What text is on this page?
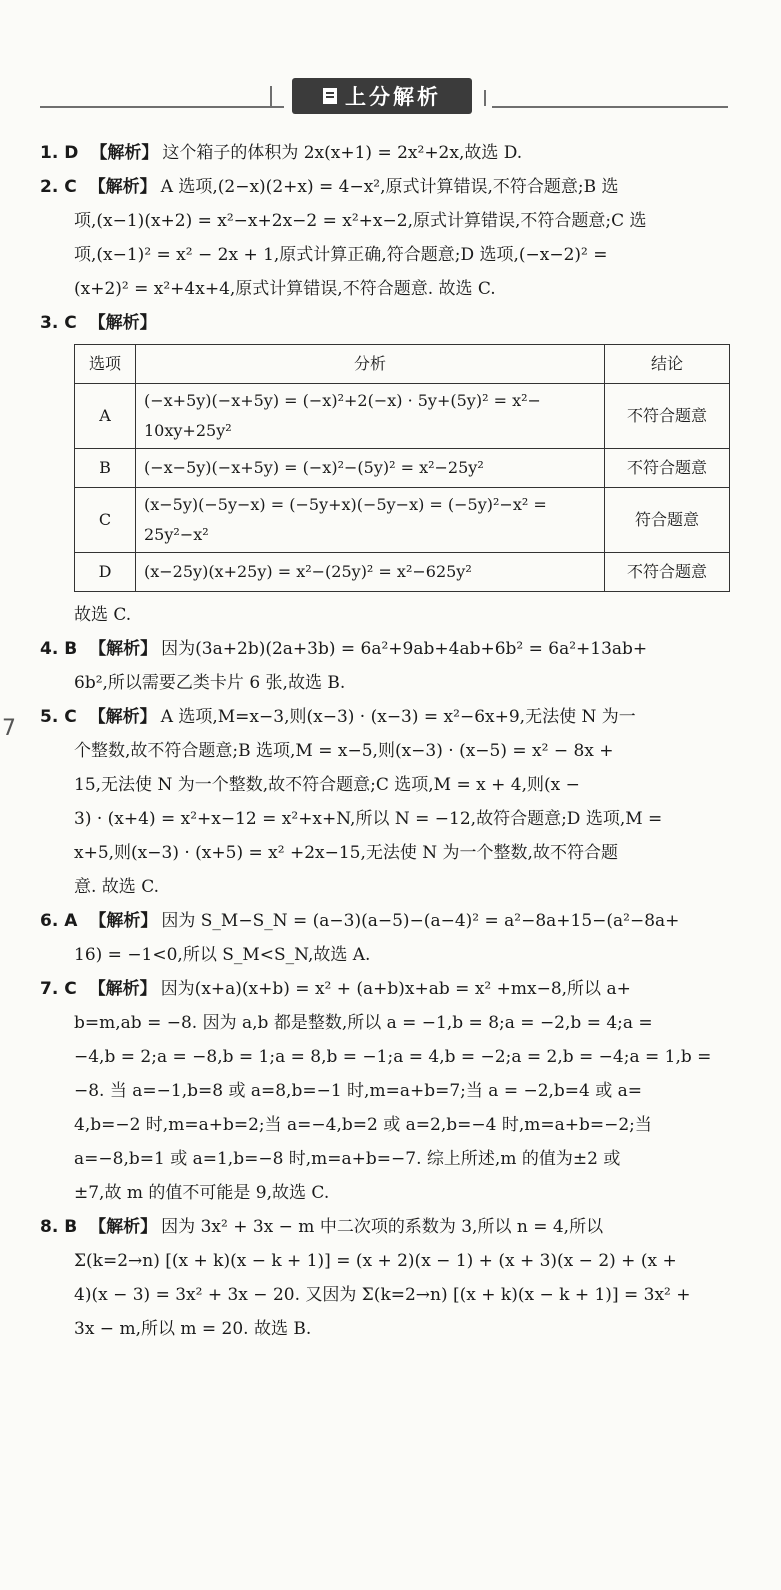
上分解析
7

1. D 【解析】 这个箱子的体积为 2x(x+1) = 2x²+2x,故选 D.

2. C 【解析】 A 选项,(2−x)(2+x) = 4−x²,原式计算错误,不符合题意;B 选

项,(x−1)(x+2) = x²−x+2x−2 = x²+x−2,原式计算错误,不符合题意;C 选

项,(x−1)² = x² − 2x + 1,原式计算正确,符合题意;D 选项,(−x−2)² =

(x+2)² = x²+4x+4,原式计算错误,不符合题意. 故选 C.

3. C 【解析】

选项	分析	结论
A	(−x+5y)(−x+5y) = (−x)²+2(−x) · 5y+(5y)² = x²−
10xy+25y²	不符合题意
B	(−x−5y)(−x+5y) = (−x)²−(5y)² = x²−25y²	不符合题意
C	(x−5y)(−5y−x) = (−5y+x)(−5y−x) = (−5y)²−x² =
25y²−x²	符合题意
D	(x−25y)(x+25y) = x²−(25y)² = x²−625y²	不符合题意

故选 C.

4. B 【解析】 因为(3a+2b)(2a+3b) = 6a²+9ab+4ab+6b² = 6a²+13ab+

6b²,所以需要乙类卡片 6 张,故选 B.

5. C 【解析】 A 选项,M=x−3,则(x−3) · (x−3) = x²−6x+9,无法使 N 为一

个整数,故不符合题意;B 选项,M = x−5,则(x−3) · (x−5) = x² − 8x +

15,无法使 N 为一个整数,故不符合题意;C 选项,M = x + 4,则(x −

3) · (x+4) = x²+x−12 = x²+x+N,所以 N = −12,故符合题意;D 选项,M =

x+5,则(x−3) · (x+5) = x² +2x−15,无法使 N 为一个整数,故不符合题

意. 故选 C.

6. A 【解析】 因为 S_M−S_N = (a−3)(a−5)−(a−4)² = a²−8a+15−(a²−8a+

16) = −1<0,所以 S_M<S_N,故选 A.

7. C 【解析】 因为(x+a)(x+b) = x² + (a+b)x+ab = x² +mx−8,所以 a+

b=m,ab = −8. 因为 a,b 都是整数,所以 a = −1,b = 8;a = −2,b = 4;a =

−4,b = 2;a = −8,b = 1;a = 8,b = −1;a = 4,b = −2;a = 2,b = −4;a = 1,b =

−8. 当 a=−1,b=8 或 a=8,b=−1 时,m=a+b=7;当 a = −2,b=4 或 a=

4,b=−2 时,m=a+b=2;当 a=−4,b=2 或 a=2,b=−4 时,m=a+b=−2;当

a=−8,b=1 或 a=1,b=−8 时,m=a+b=−7. 综上所述,m 的值为±2 或

±7,故 m 的值不可能是 9,故选 C.

8. B 【解析】 因为 3x² + 3x − m 中二次项的系数为 3,所以 n = 4,所以

Σ(k=2→n) [(x + k)(x − k + 1)] = (x + 2)(x − 1) + (x + 3)(x − 2) + (x +

4)(x − 3) = 3x² + 3x − 20. 又因为 Σ(k=2→n) [(x + k)(x − k + 1)] = 3x² +

3x − m,所以 m = 20. 故选 B.
